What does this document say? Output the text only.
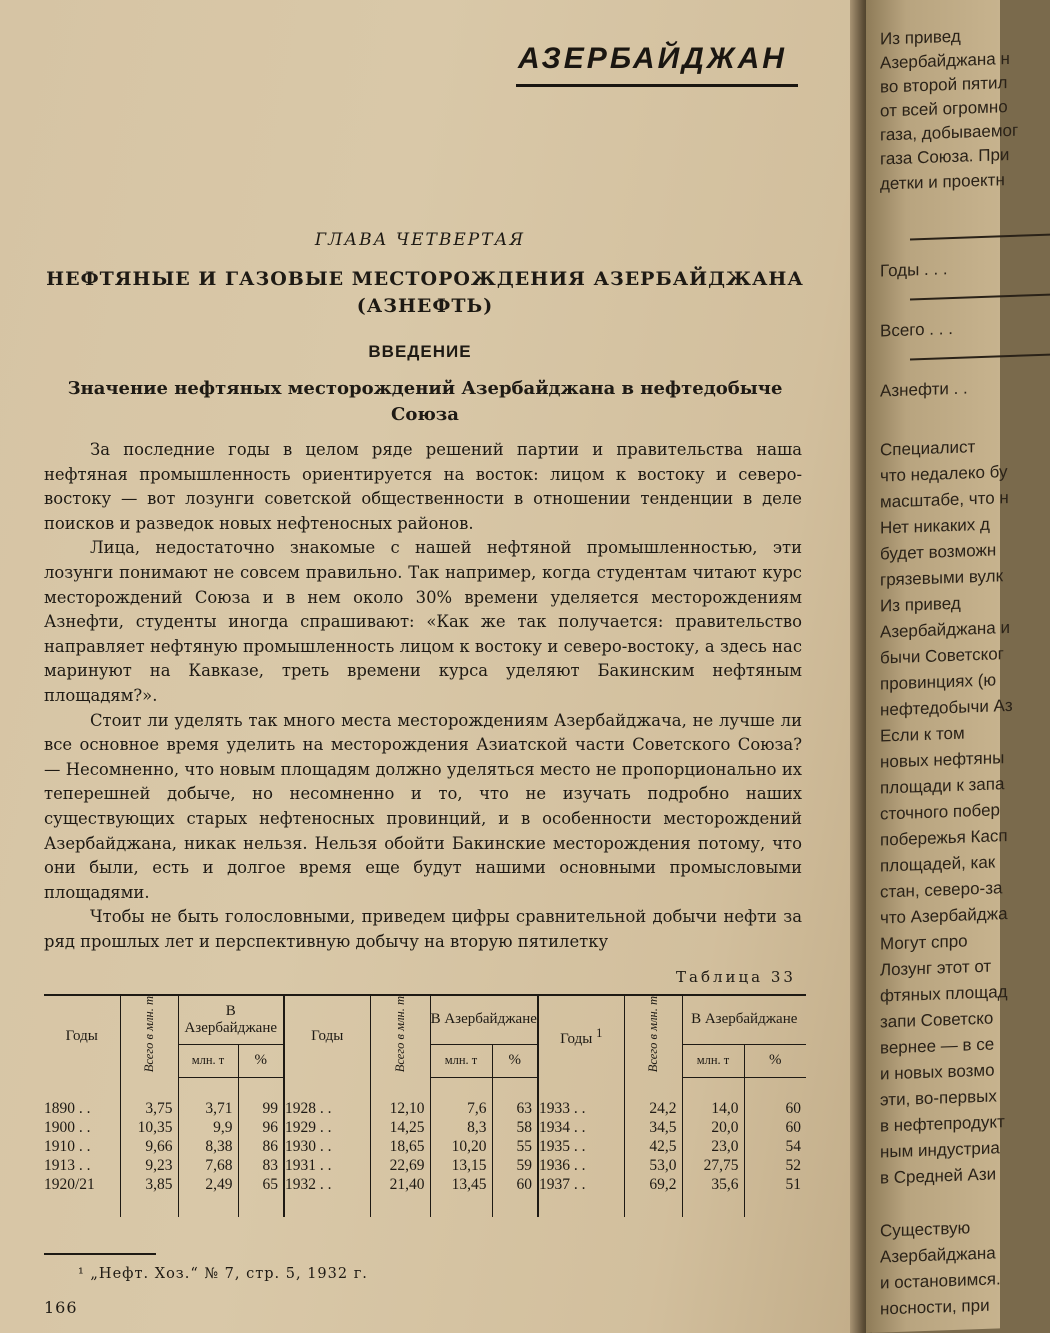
АЗЕРБАЙДЖАН
ГЛАВА ЧЕТВЕРТАЯ
НЕФТЯНЫЕ И ГАЗОВЫЕ МЕСТОРОЖДЕНИЯ АЗЕРБАЙДЖАНА (АЗНЕФТЬ)
ВВЕДЕНИЕ
Значение нефтяных месторождений Азербайджана в нефтедобыче Союза

За последние годы в целом ряде решений партии и правительства наша нефтяная промышленность ориентируется на восток: лицом к востоку и северо-востоку — вот лозунги советской общественности в отношении тенденции в деле поисков и разведок новых нефтеносных районов.

Лица, недостаточно знакомые с нашей нефтяной промышленностью, эти лозунги понимают не совсем правильно. Так например, когда студентам читают курс месторождений Союза и в нем около 30% времени уделяется месторождениям Азнефти, студенты иногда спрашивают: «Как же так получается: правительство направляет нефтяную промышленность лицом к востоку и северо-востоку, а здесь нас маринуют на Кавказе, треть времени курса уделяют Бакинским нефтяным площадям?».

Стоит ли уделять так много места месторождениям Азербайджача, не лучше ли все основное время уделить на месторождения Азиатской части Советского Союза? — Несомненно, что новым площадям должно уделяться место не пропорционально их теперешней добыче, но несомненно и то, что не изучать подробно наших существующих старых нефтеносных провинций, и в особенности месторождений Азербайджана, никак нельзя. Нельзя обойти Бакинские месторождения потому, что они были, есть и долгое время еще будут нашими основными промысловыми площадями.

Чтобы не быть голословными, приведем цифры сравнительной добычи нефти за ряд прошлых лет и перспективную добычу на вторую пятилетку

Таблица 33
Годы	Всего в млн. т	В Азербайджане		Годы	Всего в млн. т	В Азербайджане		Годы $^1$	Всего в млн. т	В Азербайджане	
		млн. т	%			млн. т	%			млн. т	%
1890 . .	3,75	3,71	99	1928 . .	12,10	7,6	63	1933 . .	24,2	14,0	60
1900 . .	10,35	9,9	96	1929 . .	14,25	8,3	58	1934 . .	34,5	20,0	60
1910 . .	9,66	8,38	86	1930 . .	18,65	10,20	55	1935 . .	42,5	23,0	54
1913 . .	9,23	7,68	83	1931 . .	22,69	13,15	59	1936 . .	53,0	27,75	52
1920/21	3,85	2,49	65	1932 . .	21,40	13,45	60	1937 . .	69,2	35,6	51
¹ „Нефт. Хоз.“ № 7, стр. 5, 1932 г.
166
Из привед
Азербайджана н
во второй пятил
от всей огромно
газа, добываемог
газа Союза. При
детки и проектн
Годы . . .
Всего . . .
Азнефти . .
Специалист
что недалеко бу
масштабе, что н
Нет никаких д
будет возможн
грязевыми вулк
Из привед
Азербайджана и
бычи Советског
провинциях (ю
нефтедобычи Аз
Если к том
новых нефтяны
площади к запа
сточного побер
побережья Касп
площадей, как
стан, северо-за
что Азербайджа
Могут спро
Лозунг этот от
фтяных площад
запи Советско
вернее — в се
и новых возмо
эти, во-первых
в нефтепродукт
ным индустриа
в Средней Ази
Существую
Азербайджана
и остановимся.
носности, при
